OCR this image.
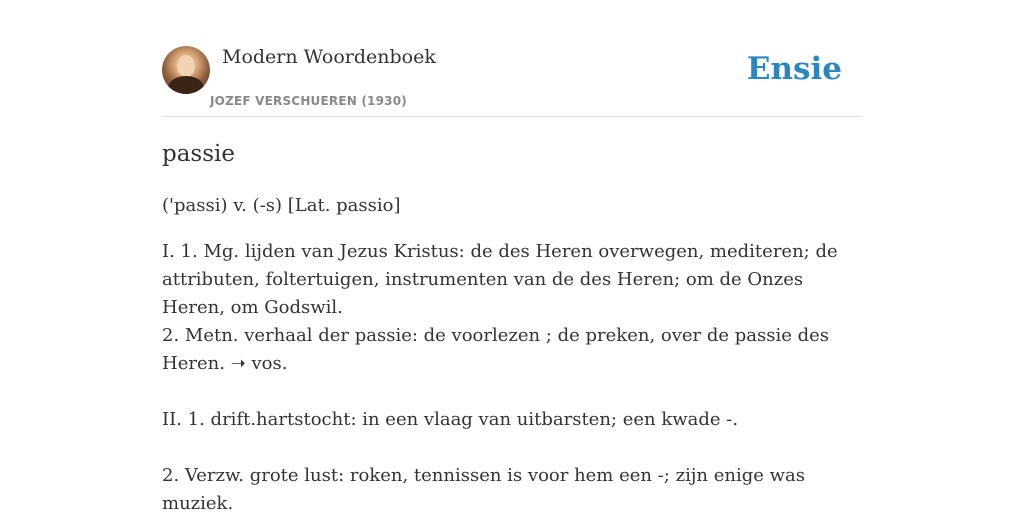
Modern Woordenboek
JOZEF VERSCHUEREN (1930)
Ensie
passie
('passi) v. (-s) [Lat. passio]
I. 1. Mg. lijden van Jezus Kristus: de des Heren overwegen, mediteren; de attributen, foltertuigen, instrumenten van de des Heren; om de Onzes Heren, om Godswil.
2. Metn. verhaal der passie: de voorlezen ; de preken, over de passie des Heren. ➝ vos.
II. 1. drift.hartstocht: in een vlaag van uitbarsten; een kwade -.
2. Verzw. grote lust: roken, tennissen is voor hem een -; zijn enige was muziek.
